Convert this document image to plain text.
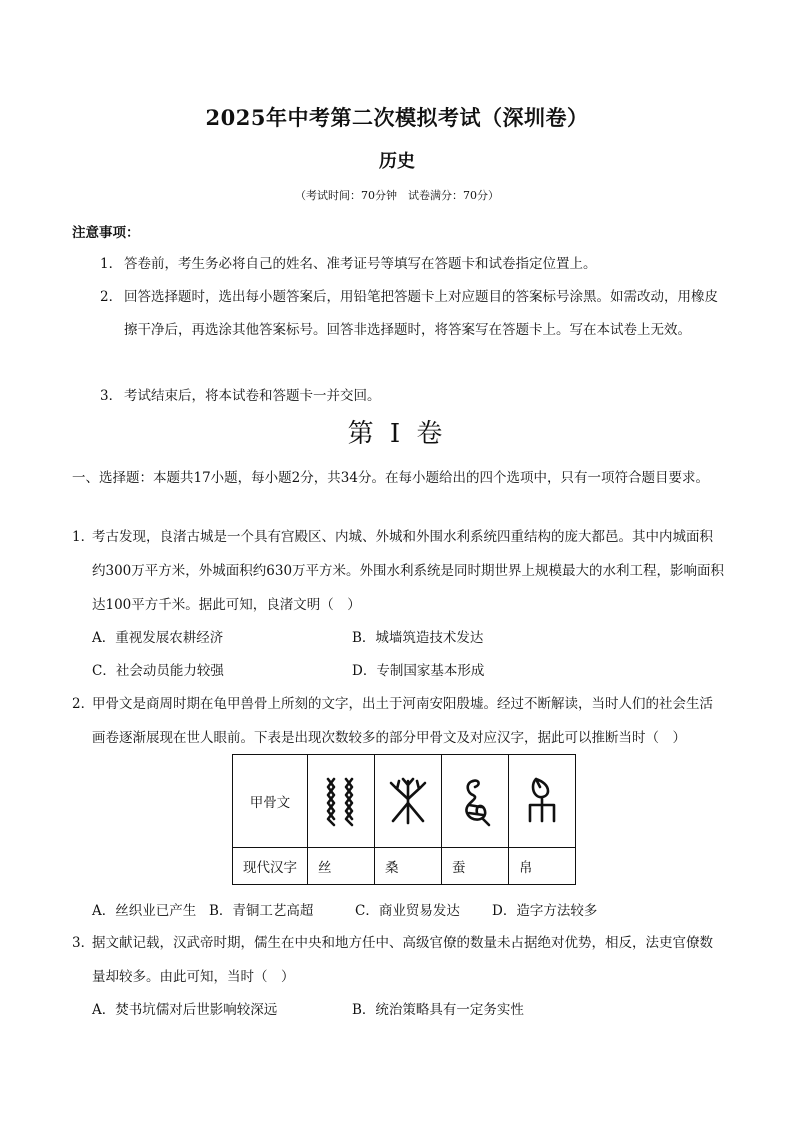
2025年中考第二次模拟考试（深圳卷）
历史
（考试时间：70分钟　试卷满分：70分）
注意事项：
1． 答卷前，考生务必将自己的姓名、准考证号等填写在答题卡和试卷指定位置上。
2． 回答选择题时，选出每小题答案后，用铅笔把答题卡上对应题目的答案标号涂黑。如需改动，用橡皮擦干净后，再选涂其他答案标号。回答非选择题时，将答案写在答题卡上。写在本试卷上无效。
3． 考试结束后，将本试卷和答题卡一并交回。
第 I 卷
一、选择题：本题共17小题，每小题2分，共34分。在每小题给出的四个选项中，只有一项符合题目要求。
1．
考古发现，良渚古城是一个具有宫殿区、内城、外城和外围水利系统四重结构的庞大都邑。其中内城面积约300万平方米，外城面积约630万平方米。外围水利系统是同时期世界上规模最大的水利工程，影响面积达100平方千米。据此可知，良渚文明（　）
A．重视发展农耕经济	B．城墙筑造技术发达
C．社会动员能力较强	D．专制国家基本形成
2．
甲骨文是商周时期在龟甲兽骨上所刻的文字，出土于河南安阳殷墟。经过不断解读，当时人们的社会生活画卷逐渐展现在世人眼前。下表是出现次数较多的部分甲骨文及对应汉字，据此可以推断当时（　）
甲骨文	

现代汉字	丝	桑	蚕	帛
A．丝织业已产生 B．青铜工艺高超	C．商业贸易发达 D．造字方法较多
3．
据文献记载，汉武帝时期，儒生在中央和地方任中、高级官僚的数量未占据绝对优势，相反，法吏官僚数量却较多。由此可知，当时（　）
A．焚书坑儒对后世影响较深远	B．统治策略具有一定务实性
